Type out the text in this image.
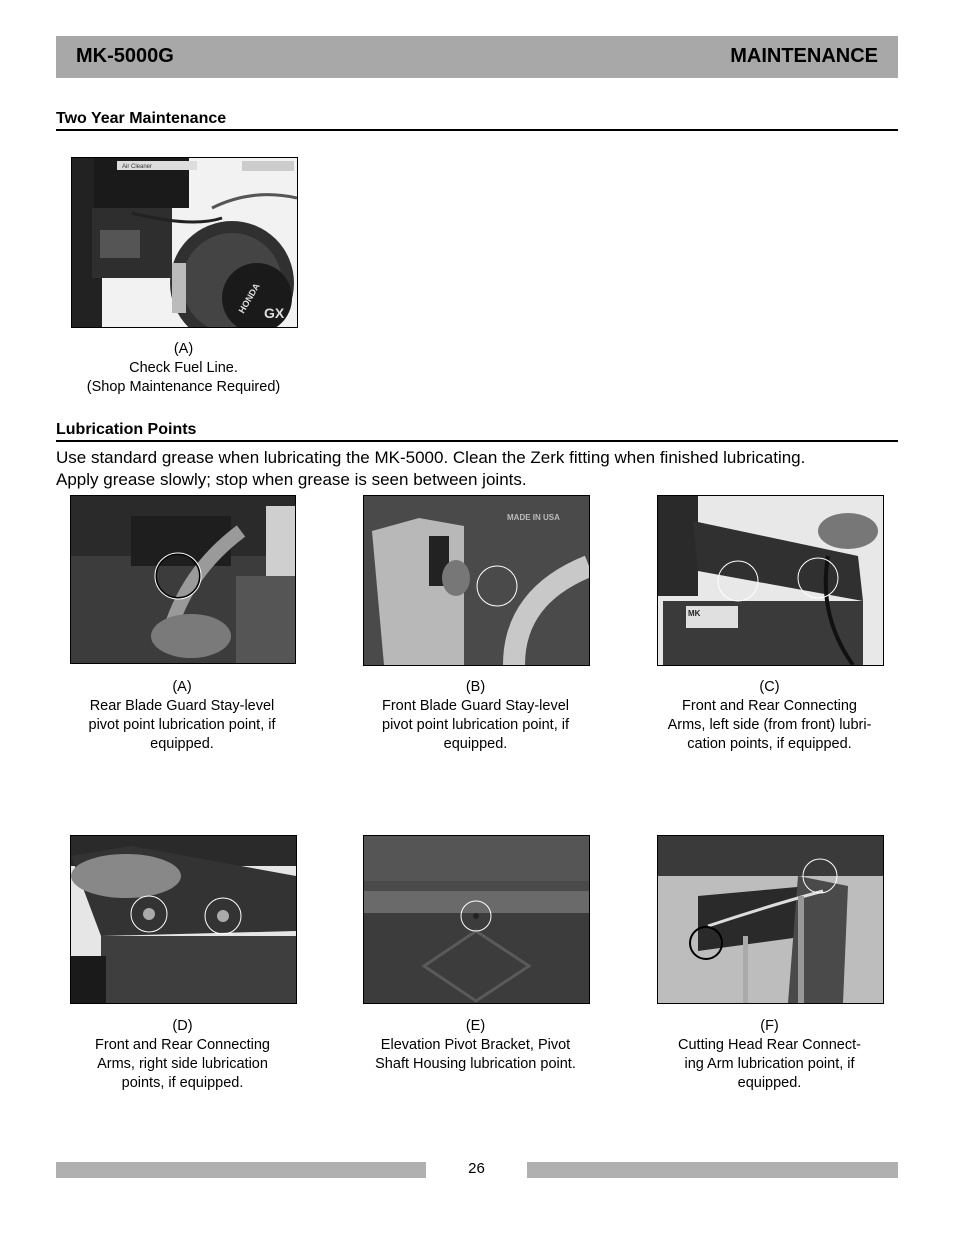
MK-5000G	MAINTENANCE
Two Year Maintenance
Air Cleaner
HONDA GX
(A)
Check Fuel Line.
(Shop Maintenance Required)
Lubrication Points
Use standard grease when lubricating the MK-5000. Clean the Zerk fitting when finished lubricating.
Apply grease slowly; stop when grease is seen between joints.
MADE IN USA
MK
(A)
Rear Blade Guard Stay-level
pivot point lubrication point, if
equipped.
(B)
Front Blade Guard Stay-level
pivot point lubrication point, if
equipped.
(C)
Front and Rear Connecting
Arms, left side (from front) lubri-
cation points, if equipped.
(D)
Front and Rear Connecting
Arms, right side lubrication
points, if equipped.
(E)
Elevation Pivot Bracket, Pivot
Shaft Housing lubrication point.
(F)
Cutting Head Rear Connect-
ing Arm lubrication point, if
equipped.
26
